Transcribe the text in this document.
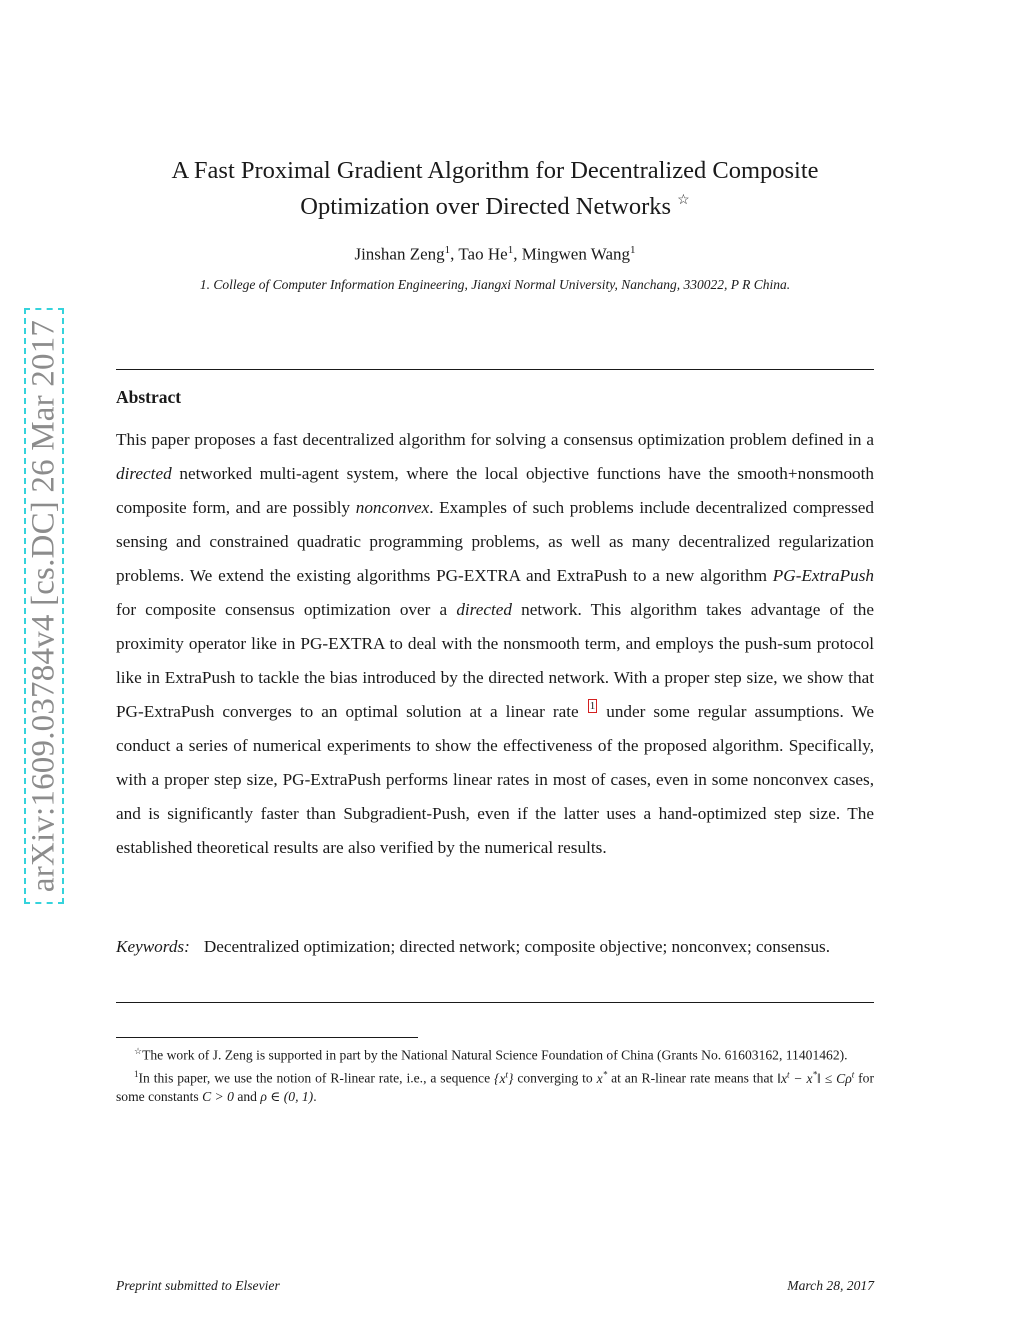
arXiv:1609.03784v4 [cs.DC] 26 Mar 2017
A Fast Proximal Gradient Algorithm for Decentralized Composite
Optimization over Directed Networks ☆
Jinshan Zeng$^1$, Tao He$^1$, Mingwen Wang$^1$
1. College of Computer Information Engineering, Jiangxi Normal University, Nanchang, 330022, P R China.
Abstract
This paper proposes a fast decentralized algorithm for solving a consensus optimization problem defined in a directed networked multi-agent system, where the local objective functions have the smooth+nonsmooth composite form, and are possibly nonconvex. Examples of such problems include decentralized compressed sensing and constrained quadratic programming problems, as well as many decentralized regularization problems. We extend the existing algorithms PG-EXTRA and ExtraPush to a new algorithm PG-ExtraPush for composite consensus optimization over a directed network. This algorithm takes advantage of the proximity operator like in PG-EXTRA to deal with the nonsmooth term, and employs the push-sum protocol like in ExtraPush to tackle the bias introduced by the directed network. With a proper step size, we show that PG-ExtraPush converges to an optimal solution at a linear rate 1 under some regular assumptions. We conduct a series of numerical experiments to show the effectiveness of the proposed algorithm. Specifically, with a proper step size, PG-ExtraPush performs linear rates in most of cases, even in some nonconvex cases, and is significantly faster than Subgradient-Push, even if the latter uses a hand-optimized step size. The established theoretical results are also verified by the numerical results.
Keywords: Decentralized optimization; directed network; composite objective; nonconvex; consensus.

☆The work of J. Zeng is supported in part by the National Natural Science Foundation of China (Grants No. 61603162, 11401462).

$^1$In this paper, we use the notion of R-linear rate, i.e., a sequence $\{x^t\}$ converging to x* at an R-linear rate means that $‖x^t$ − x*‖ ≤ $C\rho^t$ for some constants C > 0 and ρ ∈ (0, 1).

Preprint submitted to Elsevier	March 28, 2017
